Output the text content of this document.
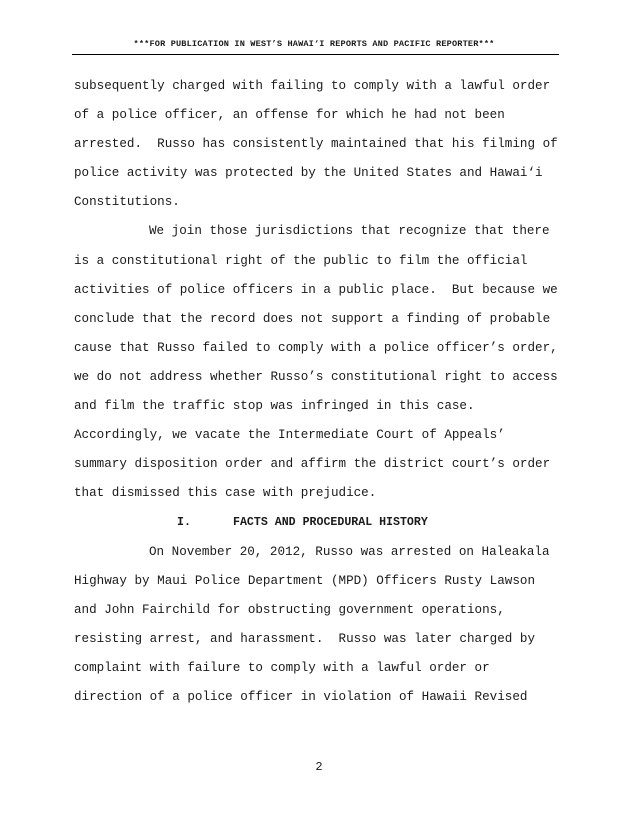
***FOR PUBLICATION IN WEST’S HAWAI‘I REPORTS AND PACIFIC REPORTER***
subsequently charged with failing to comply with a lawful order
of a police officer, an offense for which he had not been
arrested.  Russo has consistently maintained that his filming of
police activity was protected by the United States and Hawai‘i
Constitutions.
We join those jurisdictions that recognize that there
is a constitutional right of the public to film the official
activities of police officers in a public place.  But because we
conclude that the record does not support a finding of probable
cause that Russo failed to comply with a police officer’s order,
we do not address whether Russo’s constitutional right to access
and film the traffic stop was infringed in this case.
Accordingly, we vacate the Intermediate Court of Appeals’
summary disposition order and affirm the district court’s order
that dismissed this case with prejudice.
I.	FACTS AND PROCEDURAL HISTORY
On November 20, 2012, Russo was arrested on Haleakala
Highway by Maui Police Department (MPD) Officers Rusty Lawson
and John Fairchild for obstructing government operations,
resisting arrest, and harassment.  Russo was later charged by
complaint with failure to comply with a lawful order or
direction of a police officer in violation of Hawaii Revised
2
